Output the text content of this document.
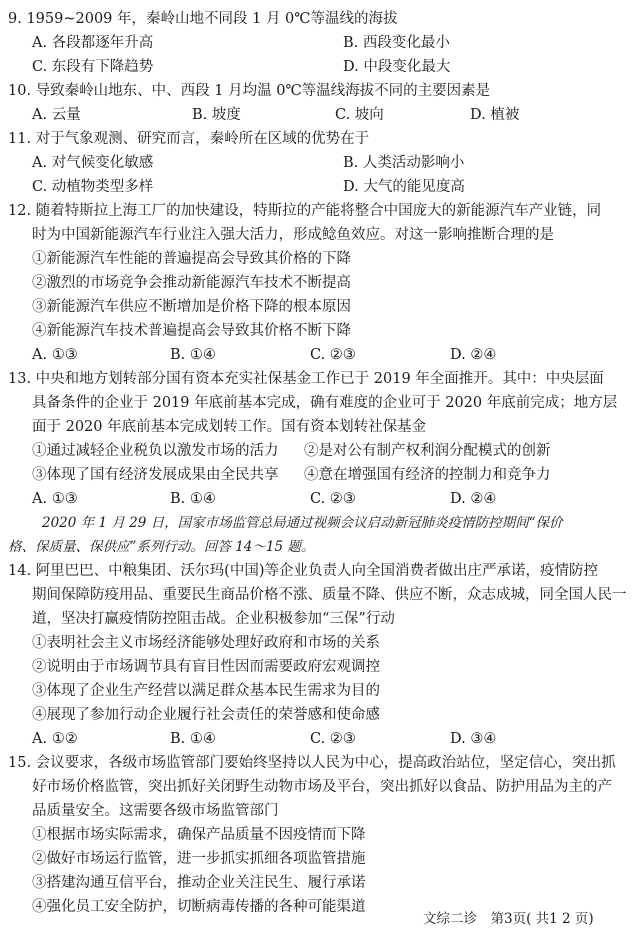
9. 1959~2009 年，秦岭山地不同段 1 月 0℃等温线的海拔
A. 各段都逐年升高	B. 西段变化最小
C. 东段有下降趋势	D. 中段变化最大
10. 导致秦岭山地东、中、西段 1 月均温 0℃等温线海拔不同的主要因素是
A. 云量	B. 坡度	C. 坡向	D. 植被
11. 对于气象观测、研究而言，秦岭所在区域的优势在于
A. 对气候变化敏感	B. 人类活动影响小
C. 动植物类型多样	D. 大气的能见度高
12. 随着特斯拉上海工厂的加快建设，特斯拉的产能将整合中国庞大的新能源汽车产业链，同
时为中国新能源汽车行业注入强大活力，形成鲶鱼效应。对这一影响推断合理的是
①新能源汽车性能的普遍提高会导致其价格的下降
②激烈的市场竞争会推动新能源汽车技术不断提高
③新能源汽车供应不断增加是价格下降的根本原因
④新能源汽车技术普遍提高会导致其价格不断下降
A. ①③	B. ①④	C. ②③	D. ②④
13. 中央和地方划转部分国有资本充实社保基金工作已于 2019 年全面推开。其中：中央层面
具备条件的企业于 2019 年底前基本完成，确有难度的企业可于 2020 年底前完成；地方层
面于 2020 年底前基本完成划转工作。国有资本划转社保基金
①通过减轻企业税负以激发市场的活力 ②是对公有制产权利润分配模式的创新
③体现了国有经济发展成果由全民共享 ④意在增强国有经济的控制力和竞争力
A. ①③	B. ①④	C. ②③	D. ②④
2020 年 1 月 29 日，国家市场监管总局通过视频会议启动新冠肺炎疫情防控期间“保价
格、保质量、保供应”系列行动。回答 14～15 题。
14. 阿里巴巴、中粮集团、沃尔玛(中国)等企业负责人向全国消费者做出庄严承诺，疫情防控
期间保障防疫用品、重要民生商品价格不涨、质量不降、供应不断，众志成城，同全国人民一
道，坚决打赢疫情防控阻击战。企业积极参加“三保”行动
①表明社会主义市场经济能够处理好政府和市场的关系
②说明由于市场调节具有盲目性因而需要政府宏观调控
③体现了企业生产经营以满足群众基本民生需求为目的
④展现了参加行动企业履行社会责任的荣誉感和使命感
A. ①②	B. ①④	C. ②③	D. ③④
15. 会议要求，各级市场监管部门要始终坚持以人民为中心，提高政治站位，坚定信心，突出抓
好市场价格监管，突出抓好关闭野生动物市场及平台，突出抓好以食品、防护用品为主的产
品质量安全。这需要各级市场监管部门
①根据市场实际需求，确保产品质量不因疫情而下降
②做好市场运行监管，进一步抓实抓细各项监管措施
③搭建沟通互信平台，推动企业关注民生、履行承诺
④强化员工安全防护，切断病毒传播的各种可能渠道
文综二诊　第3页( 共1 2 页)
